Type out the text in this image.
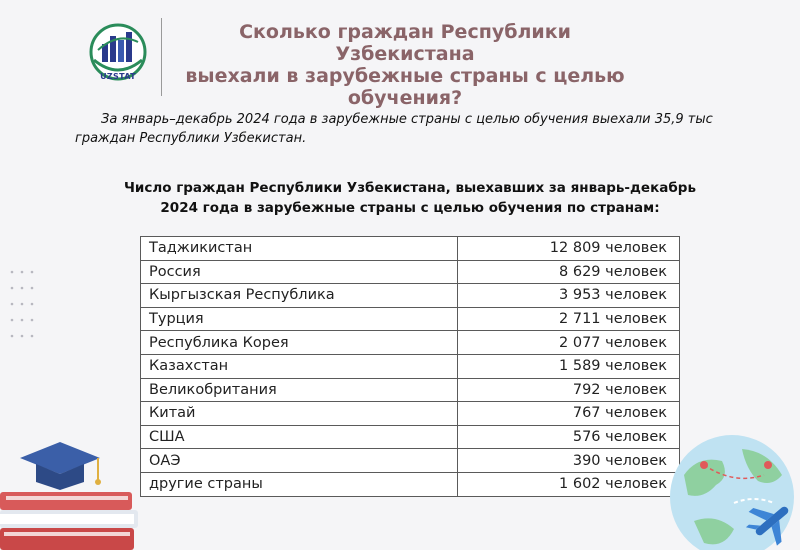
UZSTAT
Сколько граждан Республики Узбекистана
выехали в зарубежные страны с целью
обучения?
За январь–декабрь 2024 года в зарубежные страны с целью обучения выехали 35,9 тыс
граждан Республики Узбекистан.
Число граждан Республики Узбекистана, выехавших за январь-декабрь
2024 года в зарубежные страны с целью обучения по странам:
Таджикистан	12 809 человек
Россия	8 629 человек
Кыргызская Республика	3 953 человек
Турция	2 711 человек
Республика Корея	2 077 человек
Казахстан	1 589 человек
Великобритания	792 человек
Китай	767 человек
США	576 человек
ОАЭ	390 человек
другие страны	1 602 человек
